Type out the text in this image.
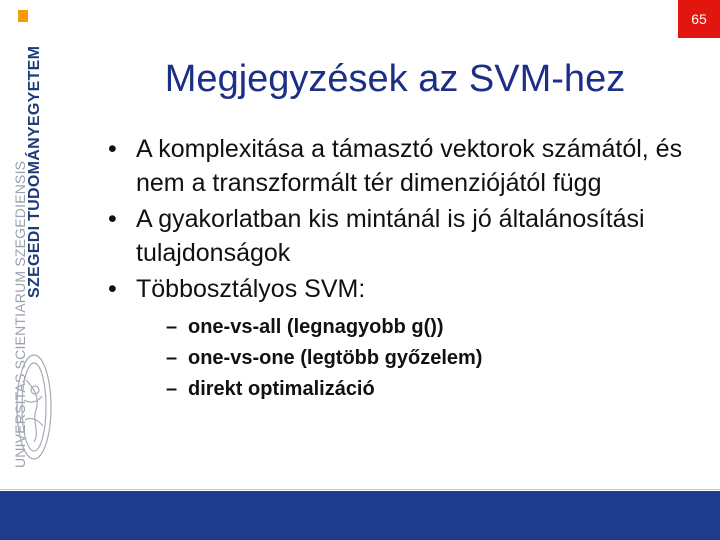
65
SZEGEDI TUDOMÁNYEGYETEM
UNIVERSITAS SCIENTIARUM SZEGEDIENSIS
Megjegyzések az SVM-hez
• A komplexitása a támasztó vektorok számától, és nem a transzformált tér dimenziójától függ
• A gyakorlatban kis mintánál is jó általánosítási tulajdonságok
• Többosztályos SVM:
– one-vs-all (legnagyobb g())
– one-vs-one (legtöbb győzelem)
– direkt optimalizáció
